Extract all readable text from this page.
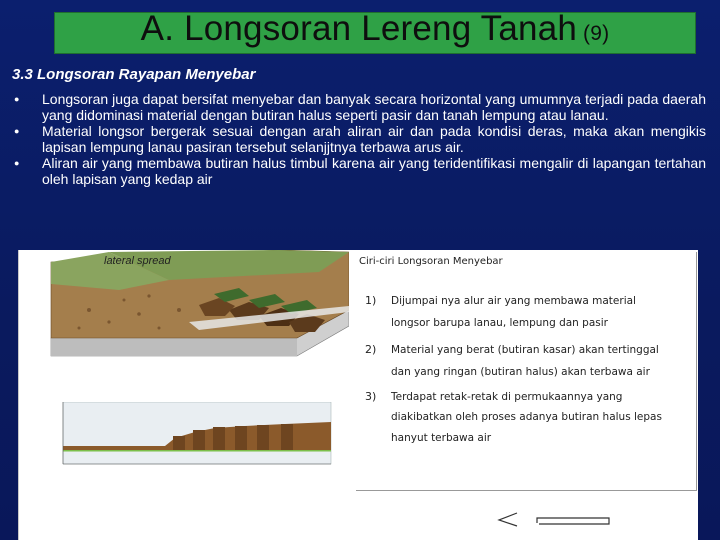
A. Longsoran Lereng Tanah (9)
3.3 Longsoran Rayapan Menyebar
●	Longsoran juga dapat bersifat menyebar dan banyak secara horizontal yang umumnya terjadi pada daerah yang didominasi material dengan butiran halus seperti pasir dan tanah lempung atau lanau.
●	Material longsor bergerak sesuai dengan arah aliran air dan pada kondisi deras, maka akan mengikis lapisan lempung lanau pasiran tersebut selanjjtnya terbawa arus air.
●	Aliran air yang membawa butiran halus timbul karena air yang teridentifikasi mengalir di lapangan tertahan oleh lapisan yang kedap air
lateral spread	Ciri-ciri Longsoran Menyebar
1) Dijumpai nya alur air yang membawa material
longsor barupa lanau, lempung dan pasir
2) Material yang berat (butiran kasar) akan tertinggal
dan yang ringan (butiran halus) akan terbawa air
3) Terdapat retak-retak di permukaannya yang
diakibatkan oleh proses adanya butiran halus lepas
hanyut terbawa air
